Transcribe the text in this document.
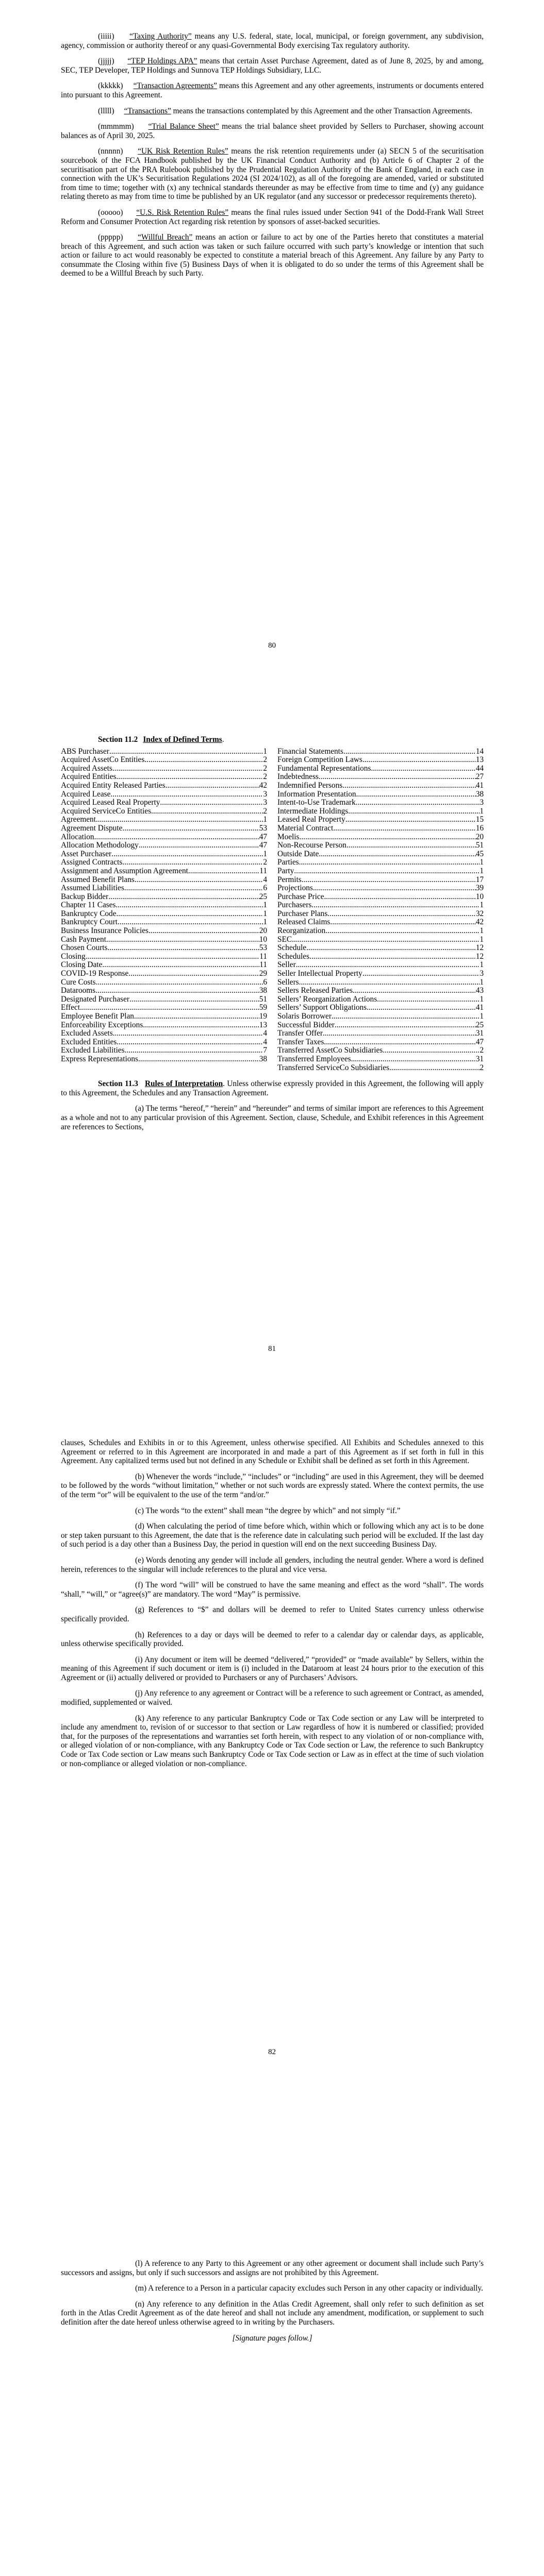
(iiiii) “Taxing Authority” means any U.S. federal, state, local, municipal, or foreign government, any subdivision, agency, commission or authority thereof or any quasi-Governmental Body exercising Tax regulatory authority.

(jjjjj) “TEP Holdings APA” means that certain Asset Purchase Agreement, dated as of June 8, 2025, by and among, SEC, TEP Developer, TEP Holdings and Sunnova TEP Holdings Subsidiary, LLC.

(kkkkk) “Transaction Agreements” means this Agreement and any other agreements, instruments or documents entered into pursuant to this Agreement.

(lllll) “Transactions” means the transactions contemplated by this Agreement and the other Transaction Agreements.

(mmmmm) “Trial Balance Sheet” means the trial balance sheet provided by Sellers to Purchaser, showing account balances as of April 30, 2025.

(nnnnn) “UK Risk Retention Rules” means the risk retention requirements under (a) SECN 5 of the securitisation sourcebook of the FCA Handbook published by the UK Financial Conduct Authority and (b) Article 6 of Chapter 2 of the securitisation part of the PRA Rulebook published by the Prudential Regulation Authority of the Bank of England, in each case in connection with the UK’s Securitisation Regulations 2024 (SI 2024/102), as all of the foregoing are amended, varied or substituted from time to time; together with (x) any technical standards thereunder as may be effective from time to time and (y) any guidance relating thereto as may from time to time be published by an UK regulator (and any successor or predecessor requirements thereto).

(ooooo) “U.S. Risk Retention Rules” means the final rules issued under Section 941 of the Dodd-Frank Wall Street Reform and Consumer Protection Act regarding risk retention by sponsors of asset-backed securities.

(ppppp) “Willful Breach” means an action or failure to act by one of the Parties hereto that constitutes a material breach of this Agreement, and such action was taken or such failure occurred with such party’s knowledge or intention that such action or failure to act would reasonably be expected to constitute a material breach of this Agreement. Any failure by any Party to consummate the Closing within five (5) Business Days of when it is obligated to do so under the terms of this Agreement shall be deemed to be a Willful Breach by such Party.

80

Section 11.2 Index of Defined Terms.

ABS Purchaser .....	1
Acquired AssetCo Entities .....	2
Acquired Assets .....	2
Acquired Entities .....	2
Acquired Entity Released Parties .....	42
Acquired Lease .....	3
Acquired Leased Real Property .....	3
Acquired ServiceCo Entities .....	2
Agreement .....	1
Agreement Dispute .....	53
Allocation .....	47
Allocation Methodology .....	47
Asset Purchaser .....	1
Assigned Contracts .....	2
Assignment and Assumption Agreement .....	11
Assumed Benefit Plans .....	4
Assumed Liabilities .....	6
Backup Bidder .....	25
Chapter 11 Cases .....	1
Bankruptcy Code .....	1
Bankruptcy Court .....	1
Business Insurance Policies .....	20
Cash Payment .....	10
Chosen Courts .....	53
Closing .....	11
Closing Date .....	11
COVID-19 Response .....	29
Cure Costs .....	6
Datarooms .....	38
Designated Purchaser .....	51
Effect .....	59
Employee Benefit Plan .....	19
Enforceability Exceptions .....	13
Excluded Assets .....	4
Excluded Entities .....	4
Excluded Liabilities .....	7
Express Representations .....	38
Financial Statements .....	14
Foreign Competition Laws .....	13
Fundamental Representations .....	44
Indebtedness .....	27
Indemnified Persons .....	41
Information Presentation .....	38
Intent-to-Use Trademark .....	3
Intermediate Holdings .....	1
Leased Real Property .....	15
Material Contract .....	16
Moelis .....	20
Non-Recourse Person .....	51
Outside Date .....	45
Parties .....	1
Party .....	1
Permits .....	17
Projections .....	39
Purchase Price .....	10
Purchasers .....	1
Purchaser Plans .....	32
Released Claims .....	42
Reorganization .....	1
SEC .....	1
Schedule .....	12
Schedules .....	12
Seller .....	1
Seller Intellectual Property .....	3
Sellers .....	1
Sellers Released Parties .....	43
Sellers’ Reorganization Actions .....	1
Sellers’ Support Obligations .....	41
Solaris Borrower .....	1
Successful Bidder .....	25
Transfer Offer .....	31
Transfer Taxes .....	47
Transferred AssetCo Subsidiaries .....	2
Transferred Employees .....	31
Transferred ServiceCo Subsidiaries .....	2

Section 11.3 Rules of Interpretation. Unless otherwise expressly provided in this Agreement, the following will apply to this Agreement, the Schedules and any Transaction Agreement.

(a) The terms “hereof,” “herein” and “hereunder” and terms of similar import are references to this Agreement as a whole and not to any particular provision of this Agreement. Section, clause, Schedule, and Exhibit references in this Agreement are references to Sections,

81

clauses, Schedules and Exhibits in or to this Agreement, unless otherwise specified. All Exhibits and Schedules annexed to this Agreement or referred to in this Agreement are incorporated in and made a part of this Agreement as if set forth in full in this Agreement. Any capitalized terms used but not defined in any Schedule or Exhibit shall be defined as set forth in this Agreement.

(b) Whenever the words “include,” “includes” or “including” are used in this Agreement, they will be deemed to be followed by the words “without limitation,” whether or not such words are expressly stated. Where the context permits, the use of the term “or” will be equivalent to the use of the term “and/or.”

(c) The words “to the extent” shall mean “the degree by which” and not simply “if.”

(d) When calculating the period of time before which, within which or following which any act is to be done or step taken pursuant to this Agreement, the date that is the reference date in calculating such period will be excluded. If the last day of such period is a day other than a Business Day, the period in question will end on the next succeeding Business Day.

(e) Words denoting any gender will include all genders, including the neutral gender. Where a word is defined herein, references to the singular will include references to the plural and vice versa.

(f) The word “will” will be construed to have the same meaning and effect as the word “shall”. The words “shall,” “will,” or “agree(s)” are mandatory. The word “May” is permissive.

(g) References to “$” and dollars will be deemed to refer to United States currency unless otherwise specifically provided.

(h) References to a day or days will be deemed to refer to a calendar day or calendar days, as applicable, unless otherwise specifically provided.

(i) Any document or item will be deemed “delivered,” “provided” or “made available” by Sellers, within the meaning of this Agreement if such document or item is (i) included in the Dataroom at least 24 hours prior to the execution of this Agreement or (ii) actually delivered or provided to Purchasers or any of Purchasers’ Advisors.

(j) Any reference to any agreement or Contract will be a reference to such agreement or Contract, as amended, modified, supplemented or waived.

(k) Any reference to any particular Bankruptcy Code or Tax Code section or any Law will be interpreted to include any amendment to, revision of or successor to that section or Law regardless of how it is numbered or classified; provided that, for the purposes of the representations and warranties set forth herein, with respect to any violation of or non-compliance with, or alleged violation of or non-compliance, with any Bankruptcy Code or Tax Code section or Law, the reference to such Bankruptcy Code or Tax Code section or Law means such Bankruptcy Code or Tax Code section or Law as in effect at the time of such violation or non-compliance or alleged violation or non-compliance.

82

(l) A reference to any Party to this Agreement or any other agreement or document shall include such Party’s successors and assigns, but only if such successors and assigns are not prohibited by this Agreement.

(m) A reference to a Person in a particular capacity excludes such Person in any other capacity or individually.

(n) Any reference to any definition in the Atlas Credit Agreement, shall only refer to such definition as set forth in the Atlas Credit Agreement as of the date hereof and shall not include any amendment, modification, or supplement to such definition after the date hereof unless otherwise agreed to in writing by the Purchasers.

[Signature pages follow.]
